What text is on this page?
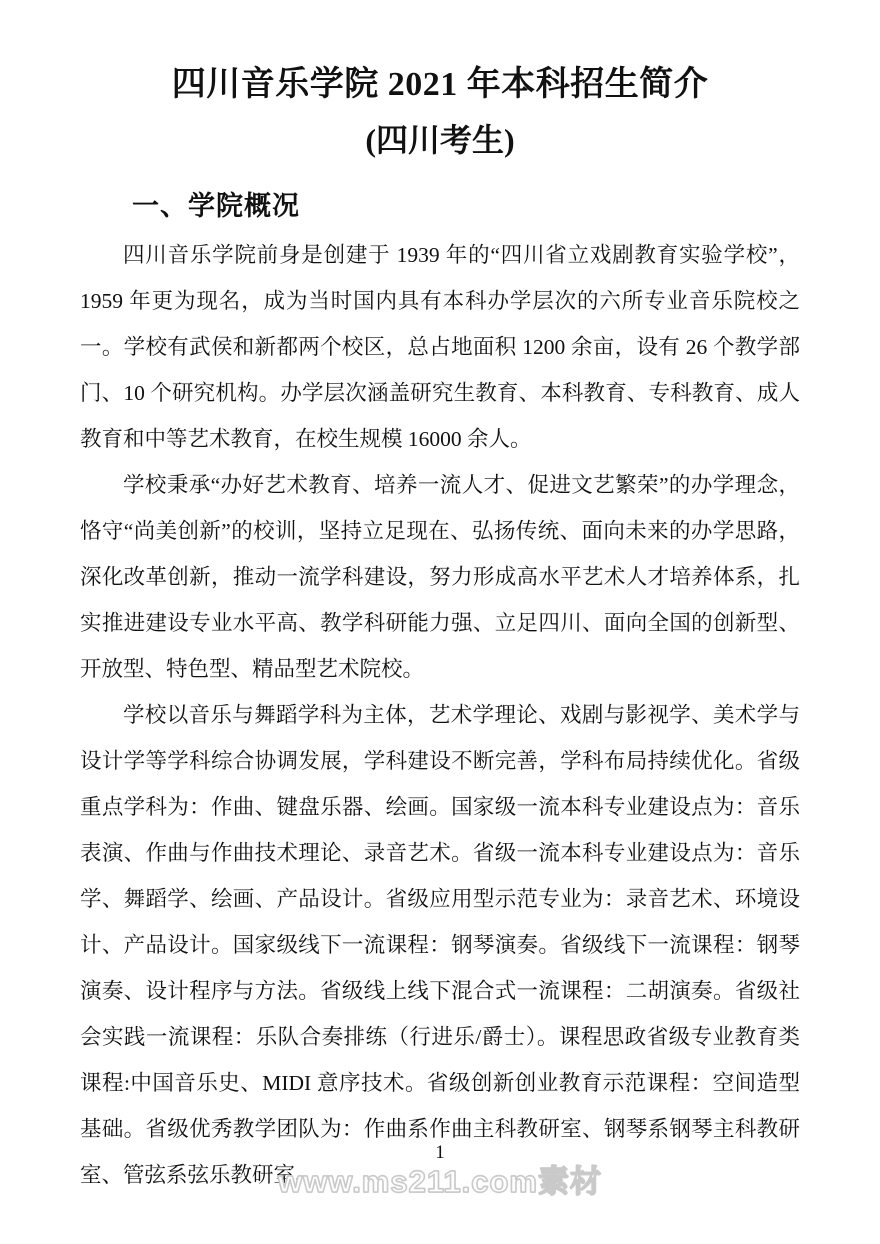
四川音乐学院 2021 年本科招生简介
(四川考生)
一、学院概况

四川音乐学院前身是创建于 1939 年的“四川省立戏剧教育实验学校”，1959 年更为现名，成为当时国内具有本科办学层次的六所专业音乐院校之一。学校有武侯和新都两个校区，总占地面积 1200 余亩，设有 26 个教学部门、10 个研究机构。办学层次涵盖研究生教育、本科教育、专科教育、成人教育和中等艺术教育，在校生规模 16000 余人。

学校秉承“办好艺术教育、培养一流人才、促进文艺繁荣”的办学理念，恪守“尚美创新”的校训，坚持立足现在、弘扬传统、面向未来的办学思路，深化改革创新，推动一流学科建设，努力形成高水平艺术人才培养体系，扎实推进建设专业水平高、教学科研能力强、立足四川、面向全国的创新型、开放型、特色型、精品型艺术院校。

学校以音乐与舞蹈学科为主体，艺术学理论、戏剧与影视学、美术学与设计学等学科综合协调发展，学科建设不断完善，学科布局持续优化。省级重点学科为：作曲、键盘乐器、绘画。国家级一流本科专业建设点为：音乐表演、作曲与作曲技术理论、录音艺术。省级一流本科专业建设点为：音乐学、舞蹈学、绘画、产品设计。省级应用型示范专业为：录音艺术、环境设计、产品设计。国家级线下一流课程：钢琴演奏。省级线下一流课程：钢琴演奏、设计程序与方法。省级线上线下混合式一流课程：二胡演奏。省级社会实践一流课程：乐队合奏排练（行进乐/爵士）。课程思政省级专业教育类课程:中国音乐史、MIDI 意序技术。省级创新创业教育示范课程：空间造型基础。省级优秀教学团队为：作曲系作曲主科教研室、钢琴系钢琴主科教研室、管弦系弦乐教研室、

1
www.ms211.com素材
